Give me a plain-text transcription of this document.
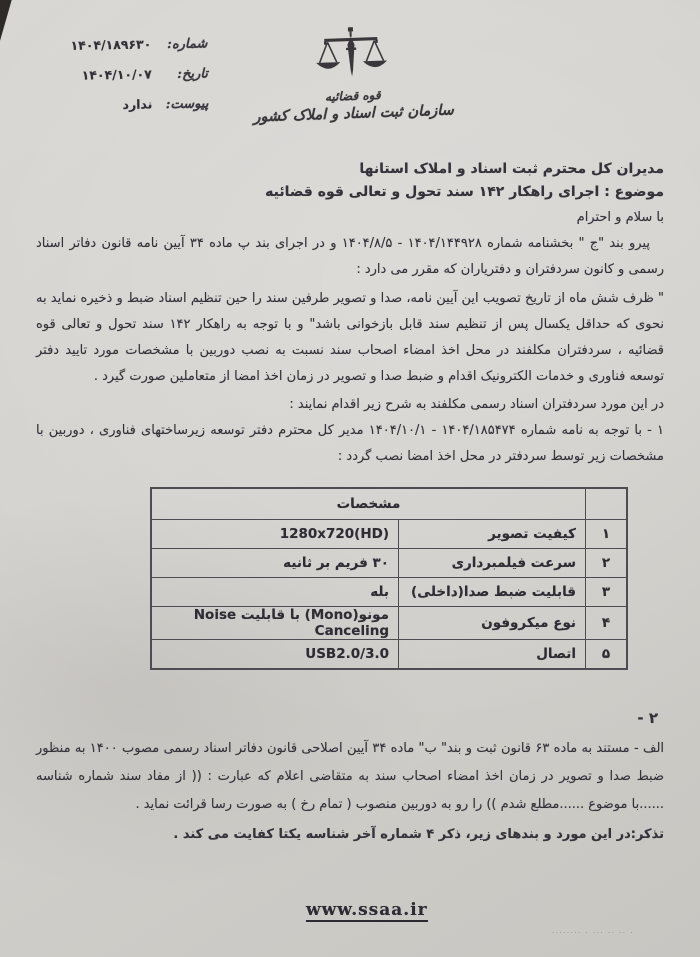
شماره:
۱۴۰۴/۱۸۹۶۳۰
تاریخ:
۱۴۰۴/۱۰/۰۷
پیوست:
ندارد
قوه قضائیه
سازمان ثبت اسناد و املاک کشور
مدیران کل محترم ثبت اسناد و املاک استانها
موضوع : اجرای راهکار ۱۴۲ سند تحول و تعالی قوه قضائیه
با سلام و احترام

پیرو بند "ج " بخشنامه شماره ۱۴۰۴/۱۴۴۹۲۸ - ۱۴۰۴/۸/۵ و در اجرای بند پ ماده ۳۴ آیین نامه قانون دفاتر اسناد رسمی و کانون سردفتران و دفتریاران که مقرر می دارد :

" ظرف شش ماه از تاریخ تصویب این آیین نامه، صدا و تصویر طرفین سند را حین تنظیم اسناد ضبط و ذخیره نماید به نحوی که حداقل یکسال پس از تنظیم سند قابل بازخوانی باشد" و با توجه به راهکار ۱۴۲ سند تحول و تعالی قوه قضائیه ، سردفتران مکلفند در محل اخذ امضاء اصحاب سند نسبت به نصب دوربین با مشخصات مورد تایید دفتر توسعه فناوری و خدمات الکترونیک اقدام و ضبط صدا و تصویر در زمان اخذ امضا از متعاملین صورت گیرد .

در این مورد سردفتران اسناد رسمی مکلفند به شرح زیر اقدام نمایند :

۱ - با توجه به نامه شماره ۱۴۰۴/۱۸۵۴۷۴ - ۱۴۰۴/۱۰/۱ مدیر کل محترم دفتر توسعه زیرساختهای فناوری ، دوربین با مشخصات زیر توسط سردفتر در محل اخذ امضا نصب گردد :

	مشخصات	
۱	کیفیت تصویر	1280x720(HD)
۲	سرعت فیلمبرداری	۳۰ فریم بر ثانیه
۳	قابلیت ضبط صدا(داخلی)	بله
۴	نوع میکروفون	مونو(Mono) با قابلیت Noise Canceling
۵	اتصال	USB2.0/3.0
۲ -

الف - مستند به ماده ۶۳ قانون ثبت و بند" ب" ماده ۳۴ آیین اصلاحی قانون دفاتر اسناد رسمی مصوب ۱۴۰۰ به منظور ضبط صدا و تصویر در زمان اخذ امضاء اصحاب سند به متقاضی اعلام که عبارت : (( از مفاد سند شماره شناسه ......با موضوع ......مطلع شدم )) را رو به دوربین منصوب ( تمام رخ ) به صورت رسا قرائت نماید .

تذکر:در این مورد و بندهای زیر، ذکر ۴ شماره آخر شناسه یکتا کفایت می کند .

www.ssaa.ir
········ · ··· ·· ·· ·
